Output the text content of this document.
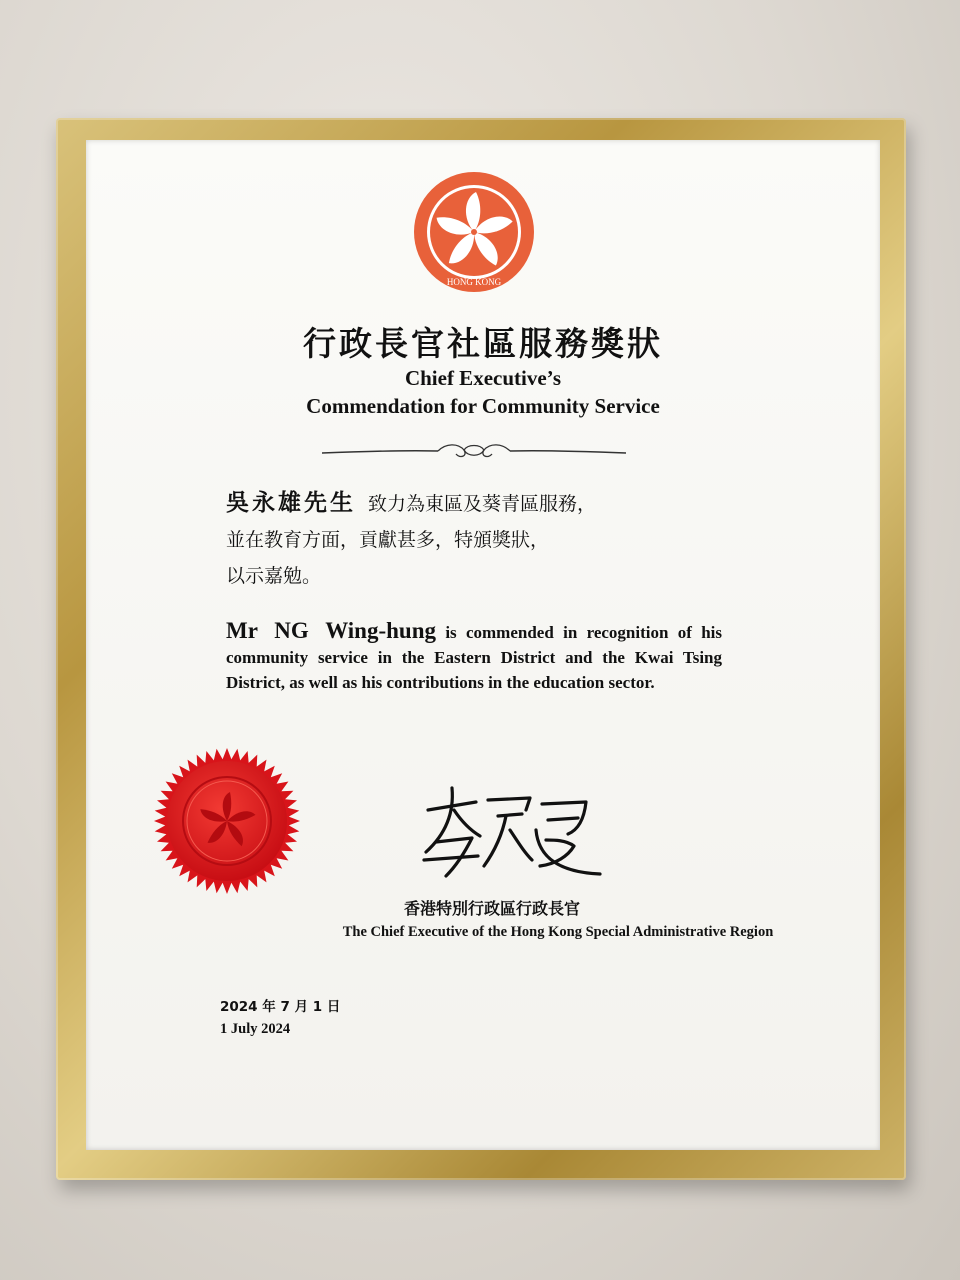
HONG KONG
行政長官社區服務獎狀
Chief Executive’s
Commendation for Community Service
吳永雄先生 致力為東區及葵青區服務，
並在教育方面，貢獻甚多，特頒獎狀，
以示嘉勉。
Mr NG Wing-hung is commended in recognition of his community service in the Eastern District and the Kwai Tsing District, as well as his contributions in the education sector.
香港特別行政區行政長官
The Chief Executive of the Hong Kong Special Administrative Region
2024 年 7 月 1 日
1 July 2024
